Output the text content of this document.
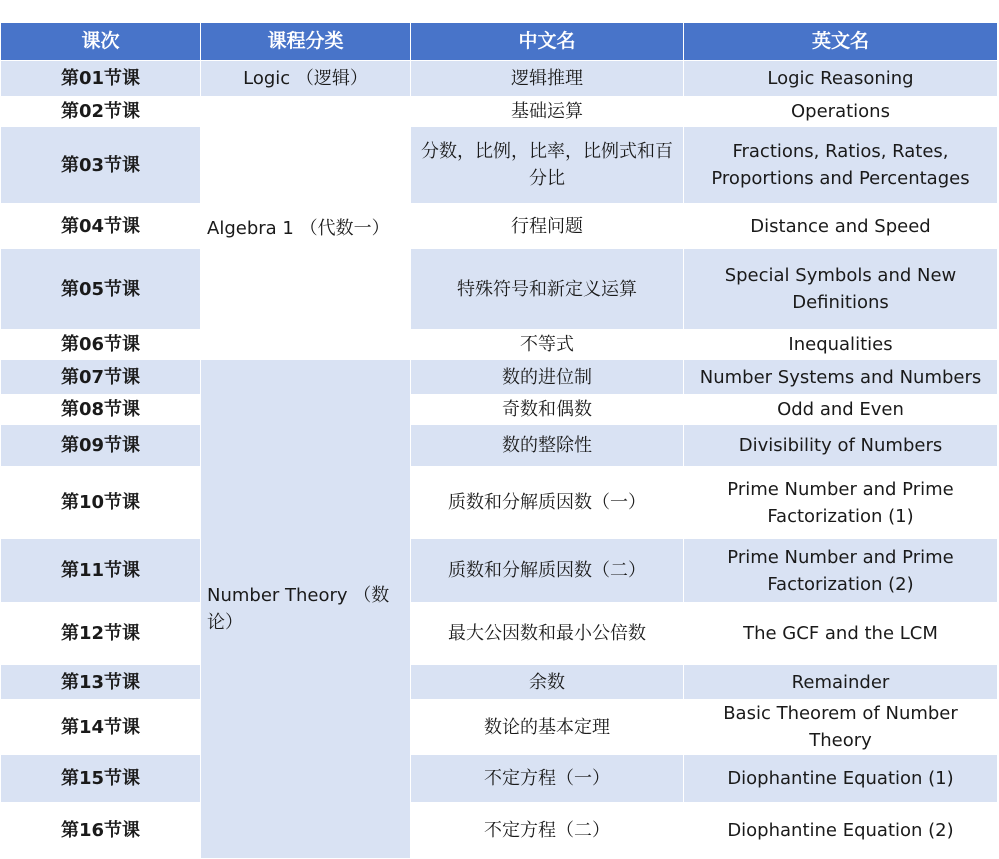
课次	课程分类	中文名	英文名
第01节课	Logic （逻辑）	逻辑推理	Logic Reasoning
第02节课	Algebra 1 （代数一）	基础运算	Operations
第03节课		分数，比例，比率，比例式和百分比	Fractions, Ratios, Rates, Proportions and Percentages
第04节课		行程问题	Distance and Speed
第05节课		特殊符号和新定义运算	Special Symbols and New Definitions
第06节课		不等式	Inequalities
第07节课	Number Theory （数论）	数的进位制	Number Systems and Numbers
第08节课		奇数和偶数	Odd and Even
第09节课		数的整除性	Divisibility of Numbers
第10节课		质数和分解质因数（一）	Prime Number and Prime Factorization (1)
第11节课		质数和分解质因数（二）	Prime Number and Prime Factorization (2)
第12节课		最大公因数和最小公倍数	The GCF and the LCM
第13节课		余数	Remainder
第14节课		数论的基本定理	Basic Theorem of Number Theory
第15节课		不定方程（一）	Diophantine Equation (1)
第16节课		不定方程（二）	Diophantine Equation (2)
